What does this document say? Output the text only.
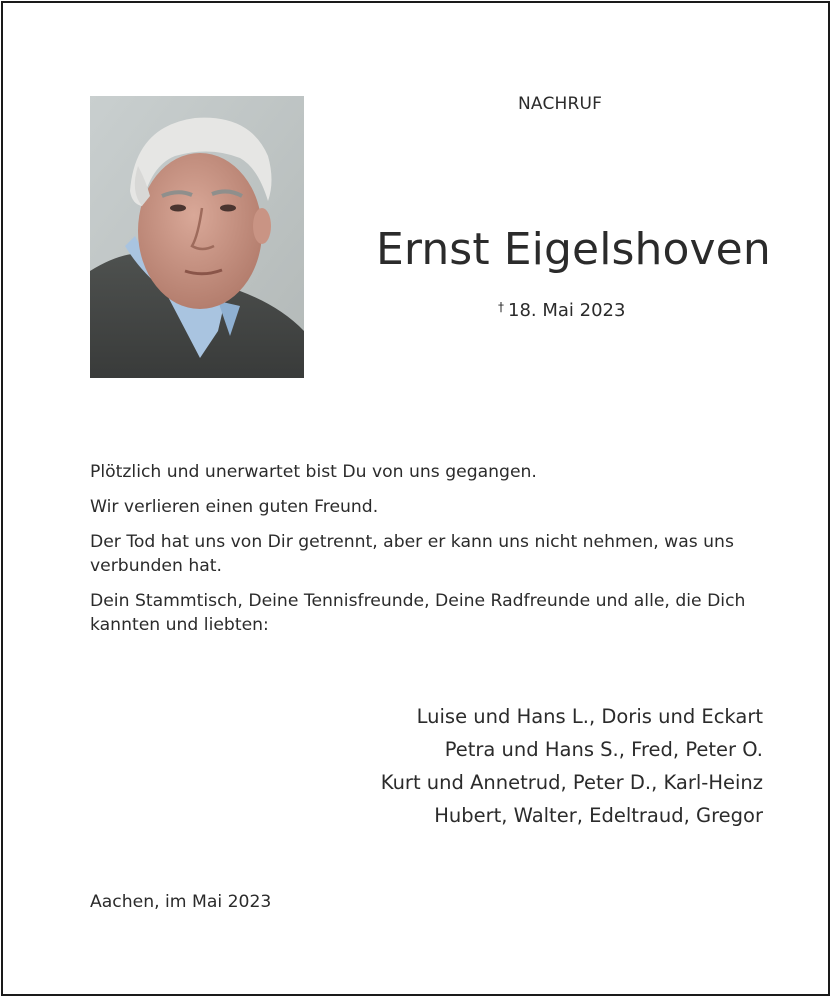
NACHRUF
Ernst Eigelshoven
† 18. Mai 2023

Plötzlich und unerwartet bist Du von uns gegangen.

Wir verlieren einen guten Freund.

Der Tod hat uns von Dir getrennt, aber er kann uns nicht nehmen, was uns verbunden hat.

Dein Stammtisch, Deine Tennisfreunde, Deine Radfreunde und alle, die Dich kannten und liebten:

Luise und Hans L., Doris und Eckart
Petra und Hans S., Fred, Peter O.
Kurt und Annetrud, Peter D., Karl-Heinz
Hubert, Walter, Edeltraud, Gregor
Aachen, im Mai 2023
